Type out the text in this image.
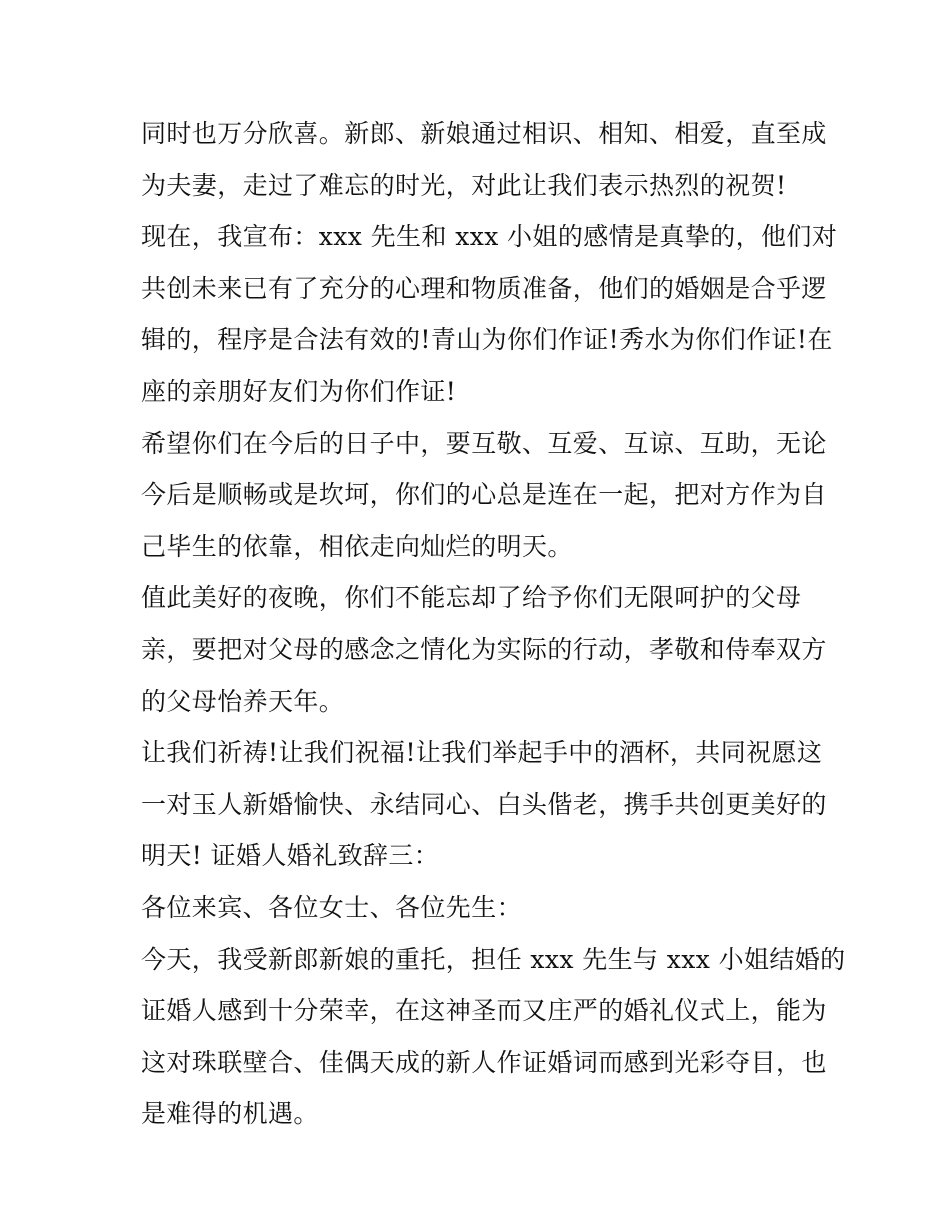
同时也万分欣喜。新郎、新娘通过相识、相知、相爱，直至成
为夫妻，走过了难忘的时光，对此让我们表示热烈的祝贺!
现在，我宣布：xxx 先生和 xxx 小姐的感情是真挚的，他们对
共创未来已有了充分的心理和物质准备，他们的婚姻是合乎逻
辑的，程序是合法有效的!青山为你们作证!秀水为你们作证!在
座的亲朋好友们为你们作证!
希望你们在今后的日子中，要互敬、互爱、互谅、互助，无论
今后是顺畅或是坎坷，你们的心总是连在一起，把对方作为自
己毕生的依靠，相依走向灿烂的明天。
值此美好的夜晚，你们不能忘却了给予你们无限呵护的父母
亲，要把对父母的感念之情化为实际的行动，孝敬和侍奉双方
的父母怡养天年。
让我们祈祷!让我们祝福!让我们举起手中的酒杯，共同祝愿这
一对玉人新婚愉快、永结同心、白头偕老，携手共创更美好的
明天! 证婚人婚礼致辞三：
各位来宾、各位女士、各位先生：
今天，我受新郎新娘的重托，担任 xxx 先生与 xxx 小姐结婚的
证婚人感到十分荣幸，在这神圣而又庄严的婚礼仪式上，能为
这对珠联壁合、佳偶天成的新人作证婚词而感到光彩夺目，也
是难得的机遇。
